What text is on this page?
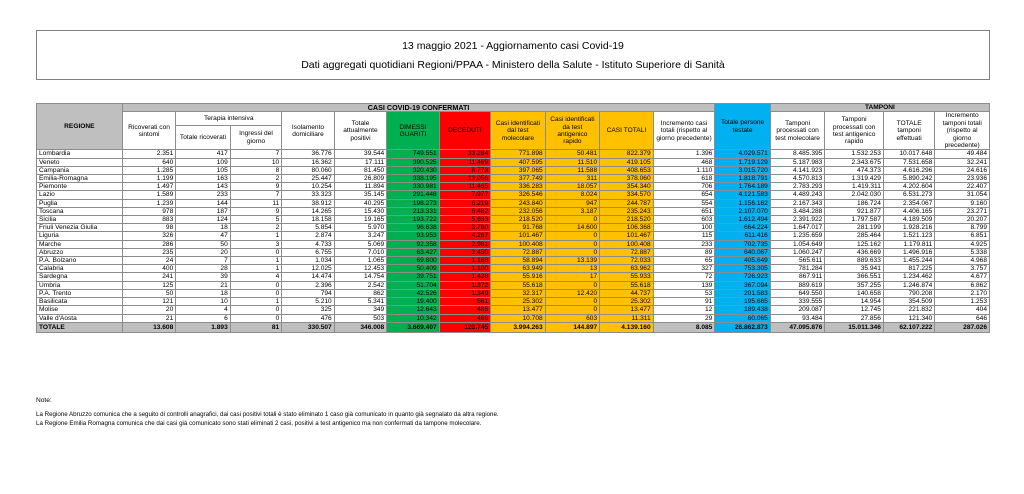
13 maggio 2021 - Aggiornamento casi Covid-19
Dati aggregati quotidiani Regioni/PPAA - Ministero della Salute - Istituto Superiore di Sanità
REGIONE	CASI COVID-19 CONFERMATI											Totale persone testate	TAMPONI			
	Ricoverati con sintomi	Terapia intensiva		Isolamento domiciliare	Totale attualmente positivi	DIMESSI GUARITI	DECEDUTI	Casi identificati dal test molecolare	Casi identificati da test antigenico rapido	CASI TOTALI	Incremento casi totali (rispetto al giorno precedente)		Tamponi processati con test molecolare	Tamponi processati con test antigenico rapido	TOTALE tamponi effettuati	Incremento tamponi totali (rispetto al giorno precedente)
		Totale ricoverati	Ingressi del giorno													
Lombardia	2.351	417	7	36.776	39.544	749.551	33.284	771.898	50.481	822.379	1.396	4.029.571	8.485.395	1.532.253	10.017.648	49.484
Veneto	640	109	10	16.362	17.111	390.525	11.469	407.595	11.510	419.105	468	1.719.129	5.187.983	2.343.675	7.531.658	32.241
Campania	1.285	105	8	80.060	81.450	320.430	6.773	397.065	11.588	408.653	1.110	3.015.720	4.141.923	474.373	4.616.296	24.616
Emilia-Romagna	1.199	163	2	25.447	26.809	338.195	13.056	377.749	311	378.060	618	1.818.791	4.570.813	1.319.429	5.890.242	23.936
Piemonte	1.497	143	9	10.254	11.894	330.981	11.465	336.283	18.057	354.340	706	1.764.189	2.783.293	1.419.311	4.202.604	22.407
Lazio	1.589	233	7	33.323	35.145	291.448	7.977	326.546	8.024	334.570	654	4.121.583	4.489.243	2.042.030	6.531.273	31.054
Puglia	1.239	144	11	38.912	40.295	198.273	6.219	243.840	947	244.787	554	1.156.162	2.167.343	186.724	2.354.067	9.160
Toscana	978	187	9	14.265	15.430	213.331	6.482	232.056	3.187	235.243	651	2.107.070	3.484.288	921.877	4.406.165	23.271
Sicilia	883	124	5	18.158	19.165	193.722	5.633	218.520	0	218.520	603	1.612.494	2.391.922	1.797.587	4.189.509	20.207
Friuli Venezia Giulia	98	18	2	5.854	5.970	96.638	3.760	91.768	14.600	106.368	100	664.224	1.647.017	281.199	1.928.216	8.799
Liguria	326	47	1	2.874	3.247	93.953	4.267	101.467	0	101.467	115	611.416	1.235.659	285.464	1.521.123	6.851
Marche	286	50	3	4.733	5.069	92.358	2.981	100.408	0	100.408	233	702.735	1.054.649	125.162	1.179.811	4.925
Abruzzo	235	20	0	6.755	7.010	63.427	2.450	72.887	0	72.887	89	640.067	1.060.247	436.669	1.496.916	5.338
P.A. Bolzano	24	7	1	1.034	1.065	69.800	1.168	58.894	13.139	72.033	65	405.649	565.611	889.633	1.455.244	4.968
Calabria	400	28	1	12.025	12.453	50.409	1.100	63.949	13	63.962	327	753.305	781.284	35.941	817.225	3.757
Sardegna	241	39	4	14.474	14.754	39.751	1.428	55.916	17	55.933	72	726.923	867.911	366.551	1.234.462	4.677
Umbria	125	21	0	2.396	2.542	51.704	1.372	55.618	0	55.618	139	367.094	889.619	357.255	1.246.874	6.862
P.A. Trento	50	18	0	794	862	42.526	1.349	32.317	12.420	44.737	53	201.583	649.550	140.658	790.208	2.170
Basilicata	121	10	1	5.210	5.341	19.400	561	25.302	0	25.302	91	195.665	339.555	14.954	354.509	1.253
Molise	20	4	0	325	349	12.643	485	13.477	0	13.477	12	189.438	209.087	12.745	221.832	404
Valle d'Aosta	21	6	0	476	503	10.342	466	10.708	603	11.311	29	60.065	93.484	27.856	121.340	646
TOTALE	13.608	1.893	81	330.507	346.008	3.669.407	123.745	3.994.263	144.897	4.139.160	8.085	26.862.873	47.095.876	15.011.346	62.107.222	287.026
Note:
La Regione Abruzzo comunica che a seguito di controlli anagrafici, dai casi positivi totali è stato eliminato 1 caso già comunicato in quanto già segnalato da altra regione.
La Regione Emilia Romagna comunica che dai casi già comunicato sono stati eliminati 2 casi, positivi a test antigenico ma non confermati da tampone molecolare.
